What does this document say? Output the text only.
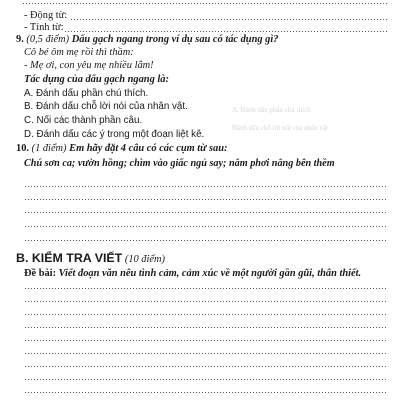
A. Đánh dấu phần chú thích
Đánh dấu chỗ lời nói của nhân vật
- Động từ:
- Tính từ:
9. (0,5 điểm) Dấu gạch ngang trong ví dụ sau có tác dụng gì?
Cô bé ôm mẹ rồi thì thầm:
- Mẹ ơi, con yêu mẹ nhiều lắm!
Tác dụng của dấu gạch ngang là:
A. Đánh dấu phần chú thích.
B. Đánh dấu chỗ lời nói của nhân vật.
C. Nối các thành phần câu.
D. Đánh dấu các ý trong một đoạn liệt kê.
10. (1 điểm) Em hãy đặt 4 câu có các cụm từ sau:
Chú sơn ca; vườn hồng; chìm vào giấc ngủ say; nắm phơi nắng bên thềm
B. KIỂM TRA VIẾT (10 điểm)
Đề bài: Viết đoạn văn nêu tình cảm, cảm xúc về một người gần gũi, thân thiết.
